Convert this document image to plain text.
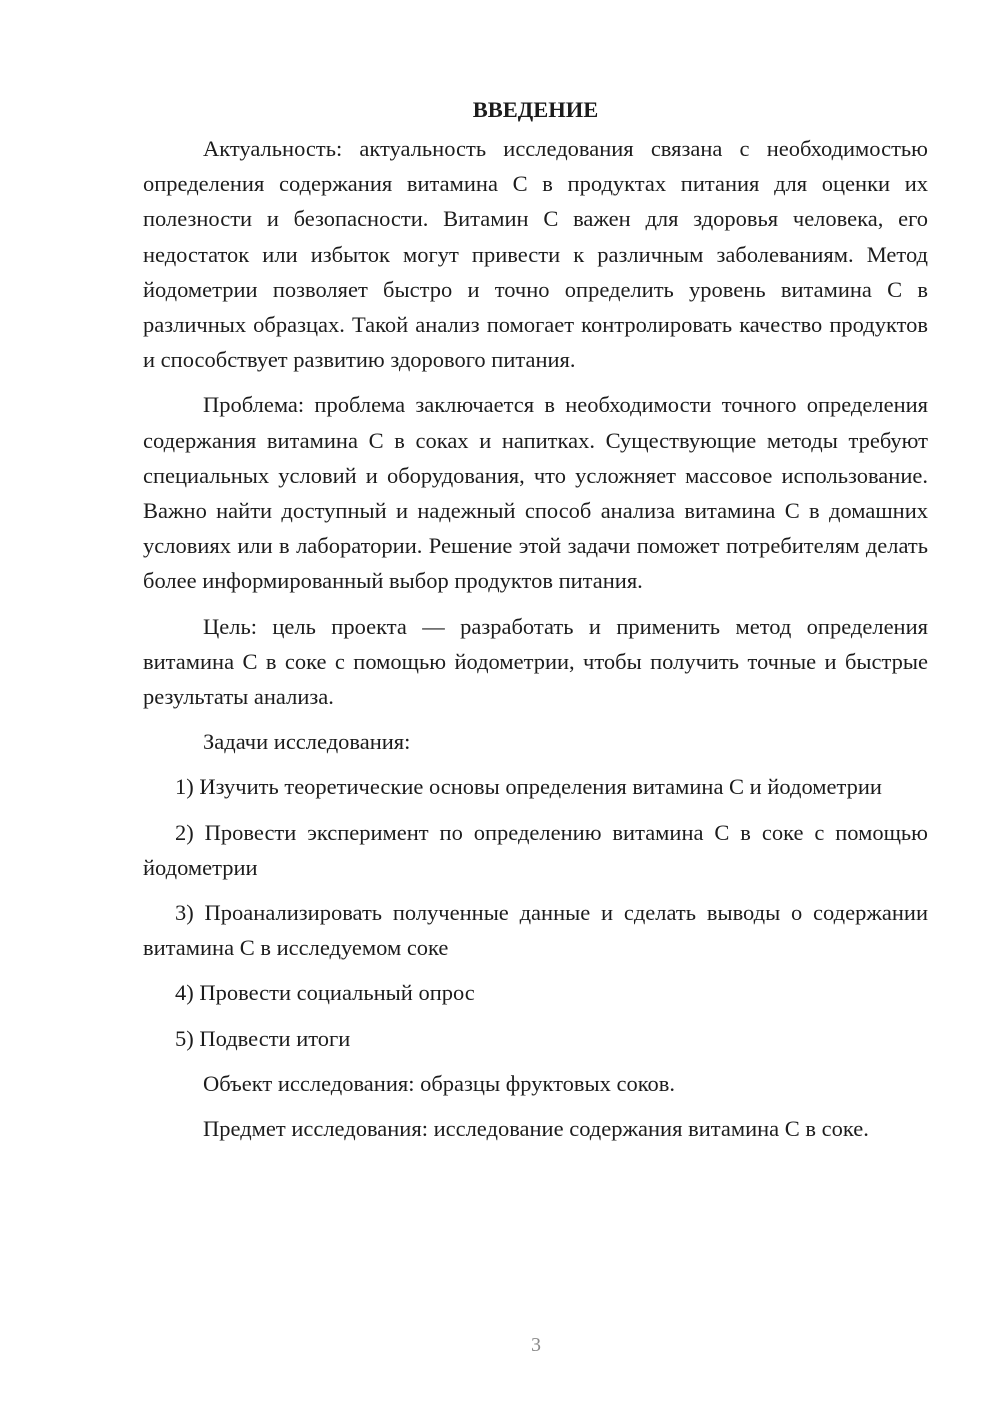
ВВЕДЕНИЕ

Актуальность: актуальность исследования связана с необходимостью определения содержания витамина С в продуктах питания для оценки их полезности и безопасности. Витамин С важен для здоровья человека, его недостаток или избыток могут привести к различным заболеваниям. Метод йодометрии позволяет быстро и точно определить уровень витамина С в различных образцах. Такой анализ помогает контролировать качество продуктов и способствует развитию здорового питания.

Проблема: проблема заключается в необходимости точного определения содержания витамина С в соках и напитках. Существующие методы требуют специальных условий и оборудования, что усложняет массовое использование. Важно найти доступный и надежный способ анализа витамина С в домашних условиях или в лаборатории. Решение этой задачи поможет потребителям делать более информированный выбор продуктов питания.

Цель: цель проекта — разработать и применить метод определения витамина С в соке с помощью йодометрии, чтобы получить точные и быстрые результаты анализа.

Задачи исследования:

1) Изучить теоретические основы определения витамина С и йодометрии

2) Провести эксперимент по определению витамина С в соке с помощью йодометрии

3) Проанализировать полученные данные и сделать выводы о содержании витамина С в исследуемом соке

4) Провести социальный опрос

5) Подвести итоги

Объект исследования: образцы фруктовых соков.

Предмет исследования: исследование содержания витамина С в соке.

3
